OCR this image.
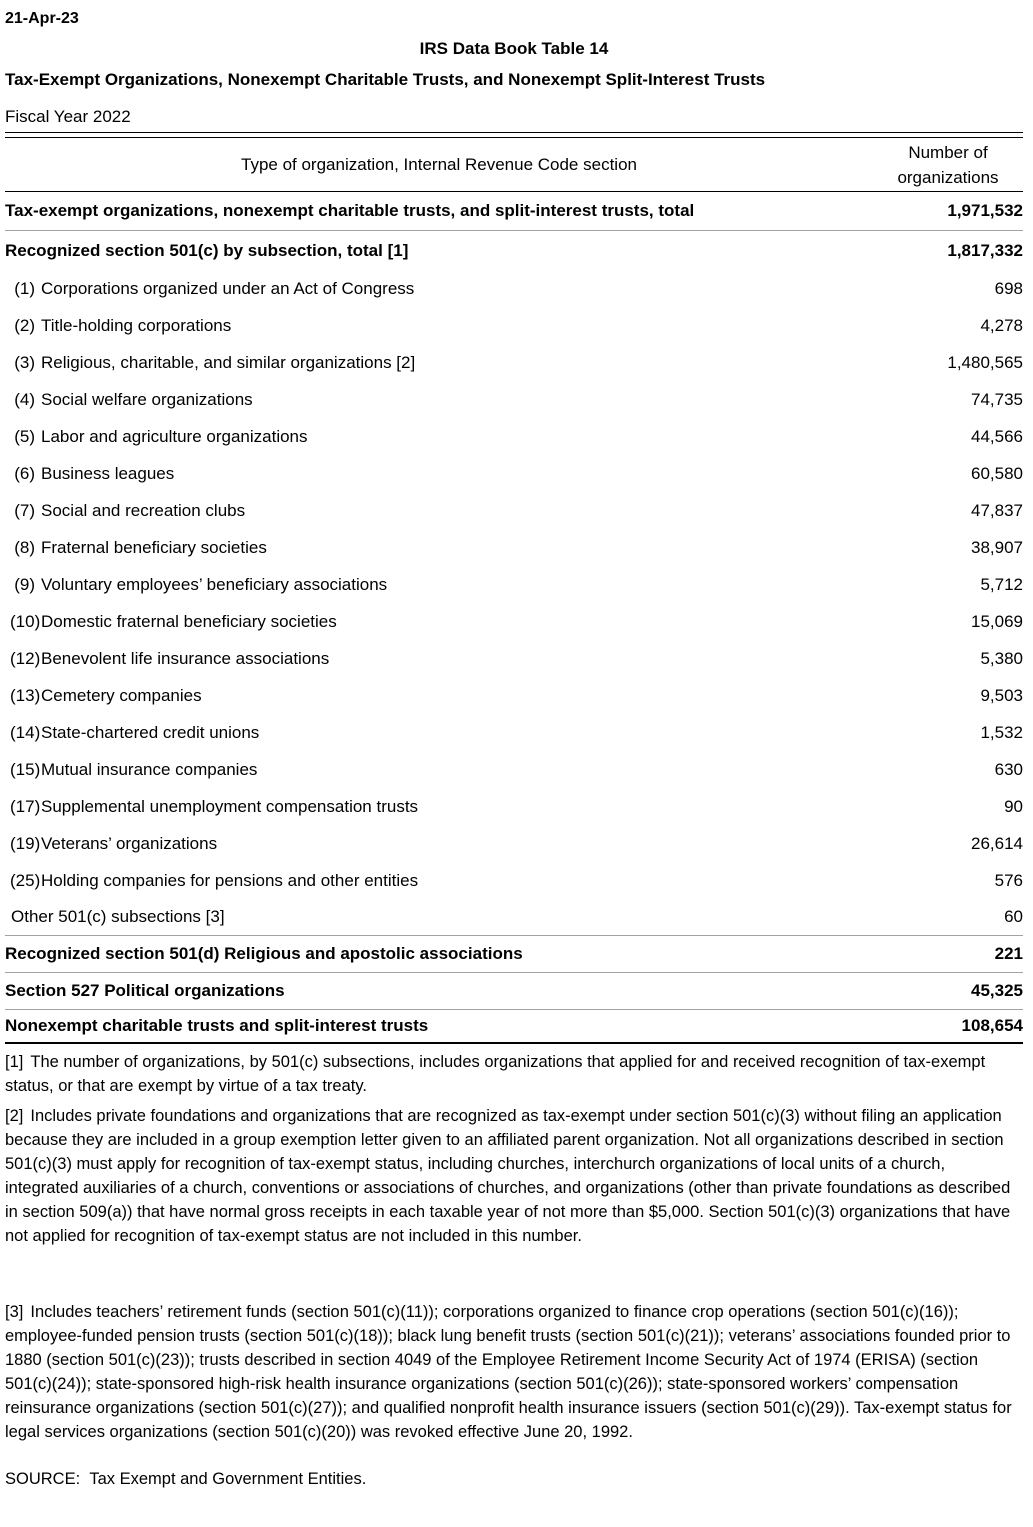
21-Apr-23
IRS Data Book Table 14
Tax-Exempt Organizations, Nonexempt Charitable Trusts, and Nonexempt Split-Interest Trusts
Fiscal Year 2022
Type of organization, Internal Revenue Code section
Number of
organizations
Tax-exempt organizations, nonexempt charitable trusts, and split-interest trusts, total	1,971,532
Recognized section 501(c) by subsection, total [1]	1,817,332
(1) Corporations organized under an Act of Congress	698
(2) Title-holding corporations	4,278
(3) Religious, charitable, and similar organizations [2]	1,480,565
(4) Social welfare organizations	74,735
(5) Labor and agriculture organizations	44,566
(6) Business leagues	60,580
(7) Social and recreation clubs	47,837
(8) Fraternal beneficiary societies	38,907
(9) Voluntary employees’ beneficiary associations	5,712
(10) Domestic fraternal beneficiary societies	15,069
(12) Benevolent life insurance associations	5,380
(13) Cemetery companies	9,503
(14) State-chartered credit unions	1,532
(15) Mutual insurance companies	630
(17) Supplemental unemployment compensation trusts	90
(19) Veterans’ organizations	26,614
(25) Holding companies for pensions and other entities	576
Other 501(c) subsections [3]	60
Recognized section 501(d) Religious and apostolic associations	221
Section 527 Political organizations	45,325
Nonexempt charitable trusts and split-interest trusts	108,654

[1] The number of organizations, by 501(c) subsections, includes organizations that applied for and received recognition of tax-exempt status, or that are exempt by virtue of a tax treaty.

[2] Includes private foundations and organizations that are recognized as tax-exempt under section 501(c)(3) without filing an application because they are included in a group exemption letter given to an affiliated parent organization. Not all organizations described in section 501(c)(3) must apply for recognition of tax-exempt status, including churches, interchurch organizations of local units of a church, integrated auxiliaries of a church, conventions or associations of churches, and organizations (other than private foundations as described in section 509(a)) that have normal gross receipts in each taxable year of not more than $5,000. Section 501(c)(3) organizations that have not applied for recognition of tax-exempt status are not included in this number.

[3] Includes teachers’ retirement funds (section 501(c)(11)); corporations organized to finance crop operations (section 501(c)(16)); employee-funded pension trusts (section 501(c)(18)); black lung benefit trusts (section 501(c)(21)); veterans’ associations founded prior to 1880 (section 501(c)(23)); trusts described in section 4049 of the Employee Retirement Income Security Act of 1974 (ERISA) (section 501(c)(24)); state-sponsored high-risk health insurance organizations (section 501(c)(26)); state-sponsored workers’ compensation reinsurance organizations (section 501(c)(27)); and qualified nonprofit health insurance issuers (section 501(c)(29)). Tax-exempt status for legal services organizations (section 501(c)(20)) was revoked effective June 20, 1992.

SOURCE:  Tax Exempt and Government Entities.
